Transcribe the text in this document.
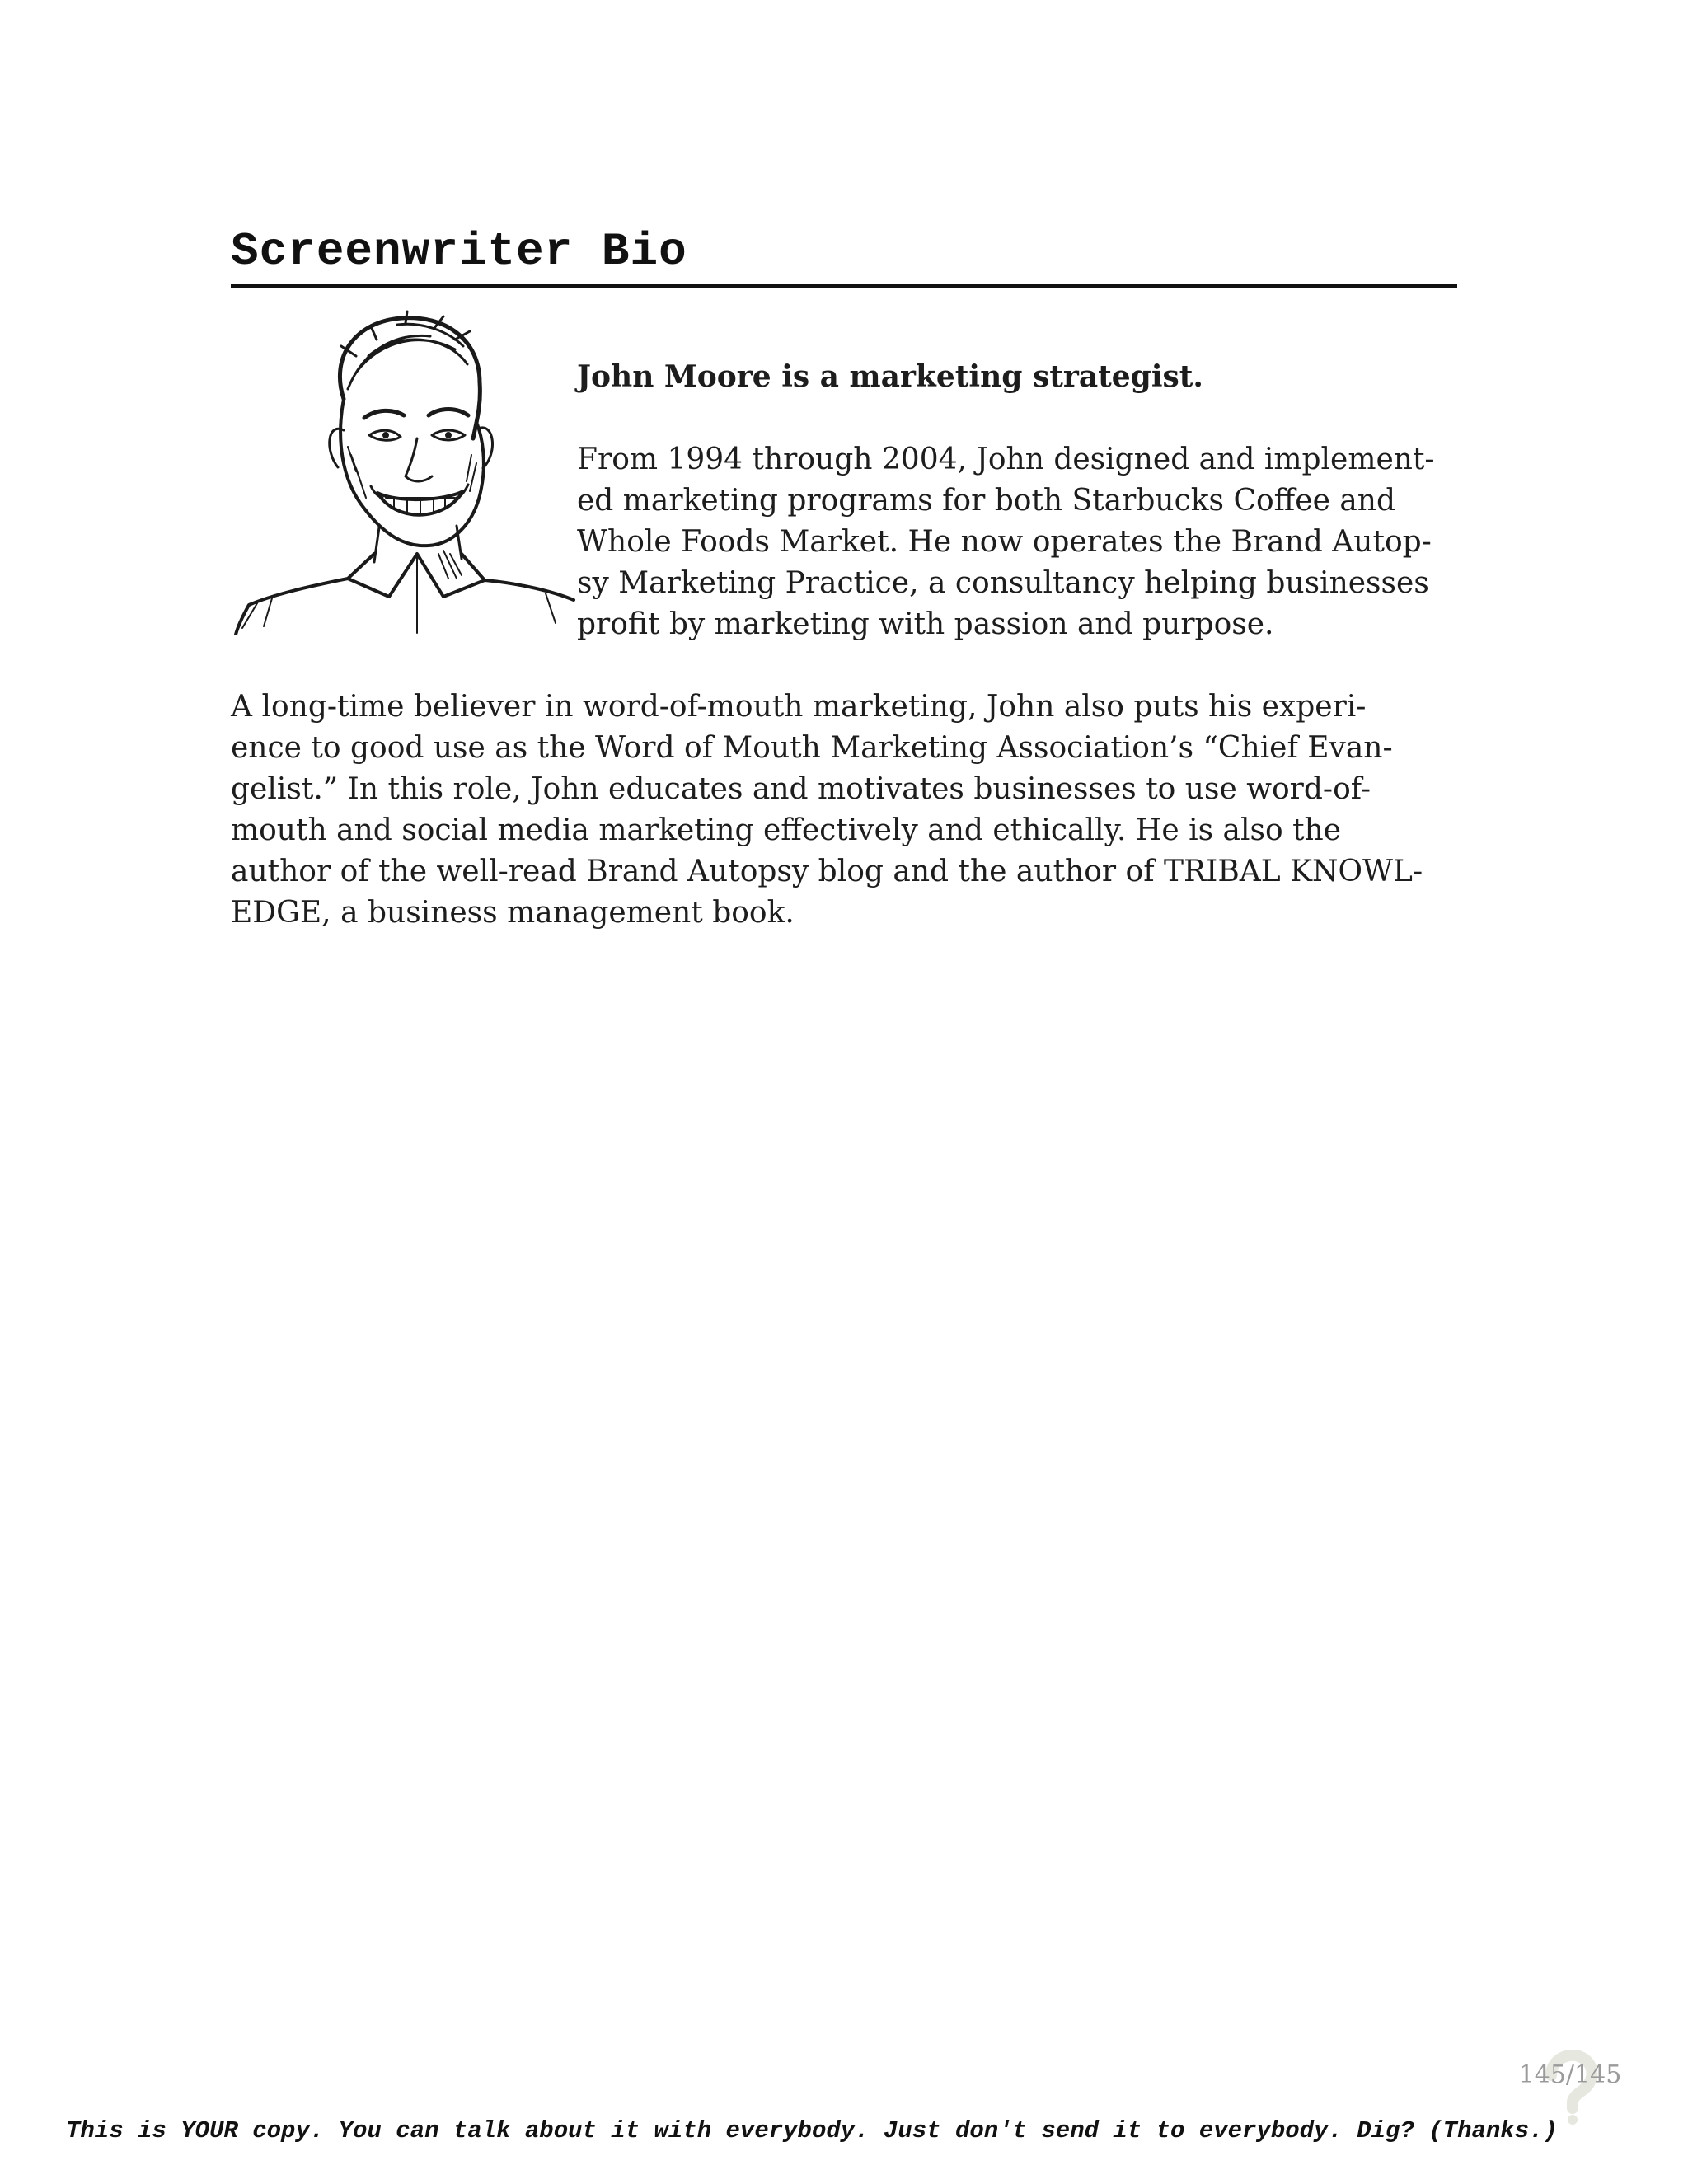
Screenwriter Bio

John Moore is a marketing strategist.

From 1994 through 2004, John designed and implement-
ed marketing programs for both Starbucks Coffee and
Whole Foods Market. He now operates the Brand Autop-
sy Marketing Practice, a consultancy helping businesses
profit by marketing with passion and purpose.

A long-time believer in word-of-mouth marketing, John also puts his experi-
ence to good use as the Word of Mouth Marketing Association’s “Chief Evan-
gelist.” In this role, John educates and motivates businesses to use word-of-
mouth and social media marketing effectively and ethically. He is also the
author of the well-read Brand Autopsy blog and the author of TRIBAL KNOWL-
EDGE, a business management book.

145/145

This is YOUR copy. You can talk about it with everybody. Just don't send it to everybody. Dig? (Thanks.)
